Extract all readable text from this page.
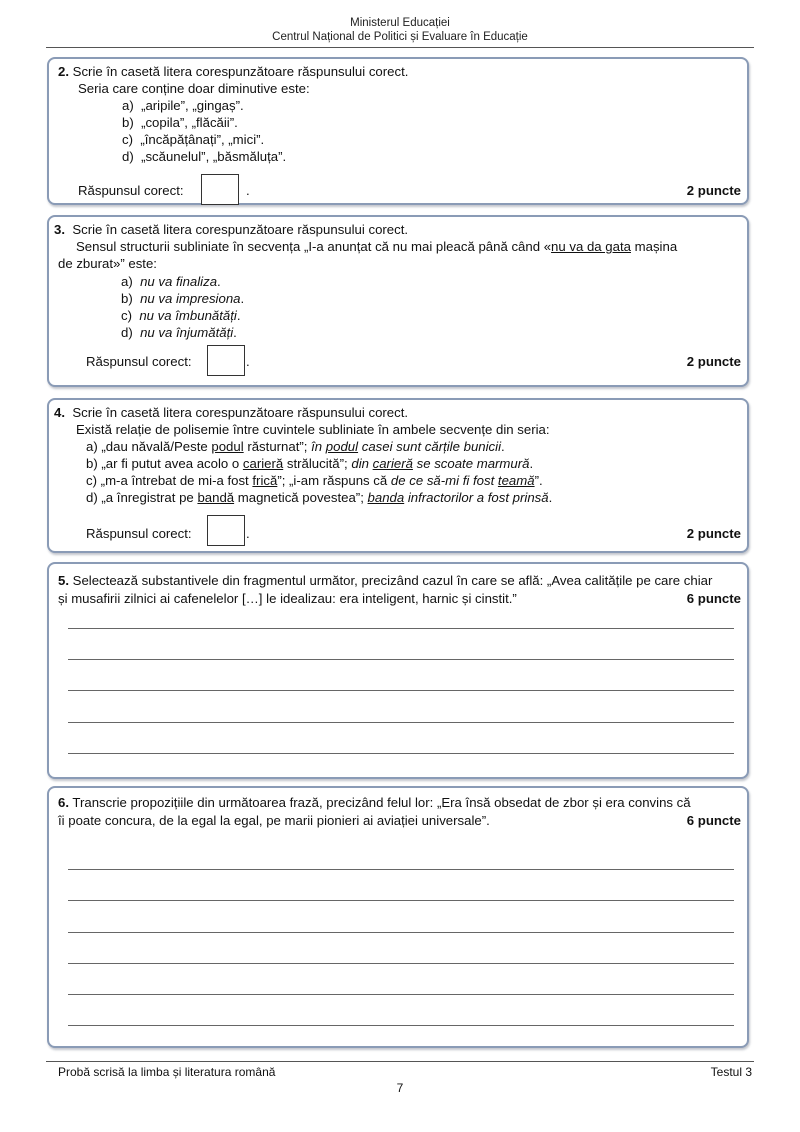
Ministerul Educației
Centrul Național de Politici și Evaluare în Educație
2. Scrie în casetă litera corespunzătoare răspunsului corect.
Seria care conține doar diminutive este:
a) „aripile”, „gingaș”.
b) „copila”, „flăcăii”.
c) „încăpățânați”, „mici”.
d) „scăunelul”, „băsmăluța”.
Răspunsul corect:	.	2 puncte
3. Scrie în casetă litera corespunzătoare răspunsului corect.
Sensul structurii subliniate în secvența „I-a anunțat că nu mai pleacă până când «nu va da gata mașina
de zburat»” este:
a) nu va finaliza.
b) nu va impresiona.
c) nu va îmbunătăți.
d) nu va înjumătăți.
Răspunsul corect:	.	2 puncte
4. Scrie în casetă litera corespunzătoare răspunsului corect.
Există relație de polisemie între cuvintele subliniate în ambele secvențe din seria:
a) „dau năvală/Peste podul răsturnat”; în podul casei sunt cărțile bunicii.
b) „ar fi putut avea acolo o carieră strălucită”; din carieră se scoate marmură.
c) „m-a întrebat de mi-a fost frică”; „i-am răspuns că de ce să-mi fi fost teamă”.
d) „a înregistrat pe bandă magnetică povestea”; banda infractorilor a fost prinsă.
Răspunsul corect:	.	2 puncte
5. Selectează substantivele din fragmentul următor, precizând cazul în care se află: „Avea calitățile pe care chiar
și musafirii zilnici ai cafenelelor […] le idealizau: era inteligent, harnic și cinstit.”	6 puncte
6. Transcrie propozițiile din următoarea frază, precizând felul lor: „Era însă obsedat de zbor și era convins că
îi poate concura, de la egal la egal, pe marii pionieri ai aviației universale”.	6 puncte
Probă scrisă la limba și literatura română	Testul 3
7
